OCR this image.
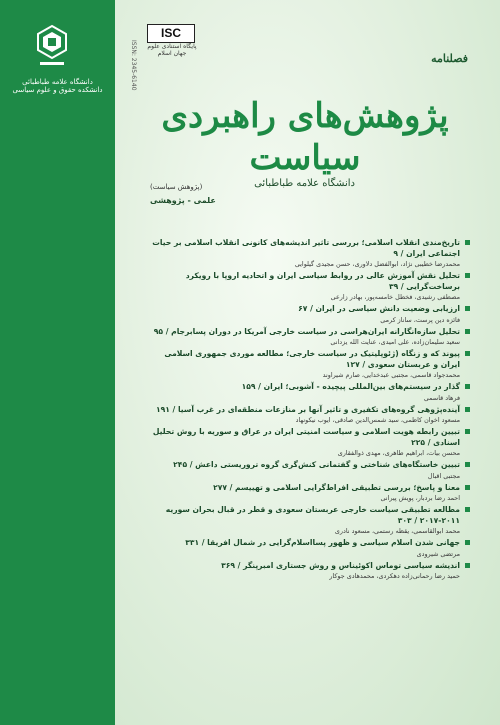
دانشگاه علامه طباطبائی
دانشکده حقوق و علوم سیاسی
ISC
پایگاه استنادی علوم جهان اسلام
ISSN: 2345-6140	فصلنامه
پژوهش‌های راهبردی سیاست
دانشگاه علامه طباطبائی
(پژوهش سیاست)
علمی - پژوهشی
تاریخ‌مندی انقلاب اسلامی؛ بررسی تاثیر اندیشه‌های کانونی انقلاب اسلامی بر حیات اجتماعی ایران / ۹
محمدرضا خطیبی نژاد، ابوالفضل دلاوری، حسن مجیدی گیلوایی
تحلیل نقش آموزش عالی در روابط سیاسی ایران و اتحادیه اروپا با رویکرد برساخت‌گرایی / ۳۹
مصطفی رشیدی، فخطل خامسه‌پور، بهادر زارعی
ارزیابی وضعیت دانش سیاسی در ایران / ۶۷
فائزه دین پرست، ساناز کرمی
تحلیل سازه‌انگارانه ایران‌هراسی در سیاست خارجی آمریکا در دوران پسابرجام / ۹۵
سعید سلیمان‌زاده، علی امیدی، عنایت الله یزدانی
پیوند که و زنگاه (ژئوپلیتیک در سیاست خارجی؛ مطالعه موردی جمهوری اسلامی ایران و عربستان سعودی / ۱۲۷
محمدجواد قاسمی، مجتبی عبدخدایی، صارم شیراوند
گذار در سیستم‌های بین‌المللی پیچیده - آشوبی؛ ایران / ۱۵۹
فرهاد قاسمی
آینده‌پژوهی گروه‌های تکفیری و تاثیر آنها بر منازعات منطقه‌ای در غرب آسیا / ۱۹۱
مسعود اخوان کاظمی، سید شمس‌الدین صادقی، ایوب نیکونهاد
تبیین رابطه هویت اسلامی و سیاست امنیتی ایران در عراق و سوریه با روش تحلیل اسنادی / ۲۲۵
محسن بیات، ابراهیم طاهری، مهدی ذوالفقاری
تبیین خاستگاه‌های شناختی و گفتمانی کنش‌گری گروه تروریستی داعش / ۲۴۵
مجتبی اقبال
معنا و پاسخ؛ بررسی تطبیقی افراط‌گرایی اسلامی و تهییسم / ۲۷۷
احمد رضا بردبار، پویش پیرانی
مطالعه تطبیقی سیاست خارجی عربستان سعودی و قطر در قبال بحران سوریه ۲۰۱۱-۲۰۱۷ / ۳۰۳
محمد ابوالقاسمی، یقظه رستمی، مسعود نادری
جهانی شدن اسلام سیاسی و ظهور پسااسلام‌گرایی در شمال افریقا / ۳۳۱
مرتضی شیرودی
اندیشه سیاسی توماس اکوئیناس و روش جستاری امبرپنگر / ۳۶۹
حمید رضا رحمانی‌زاده دهکردی، محمدهادی جوکار
